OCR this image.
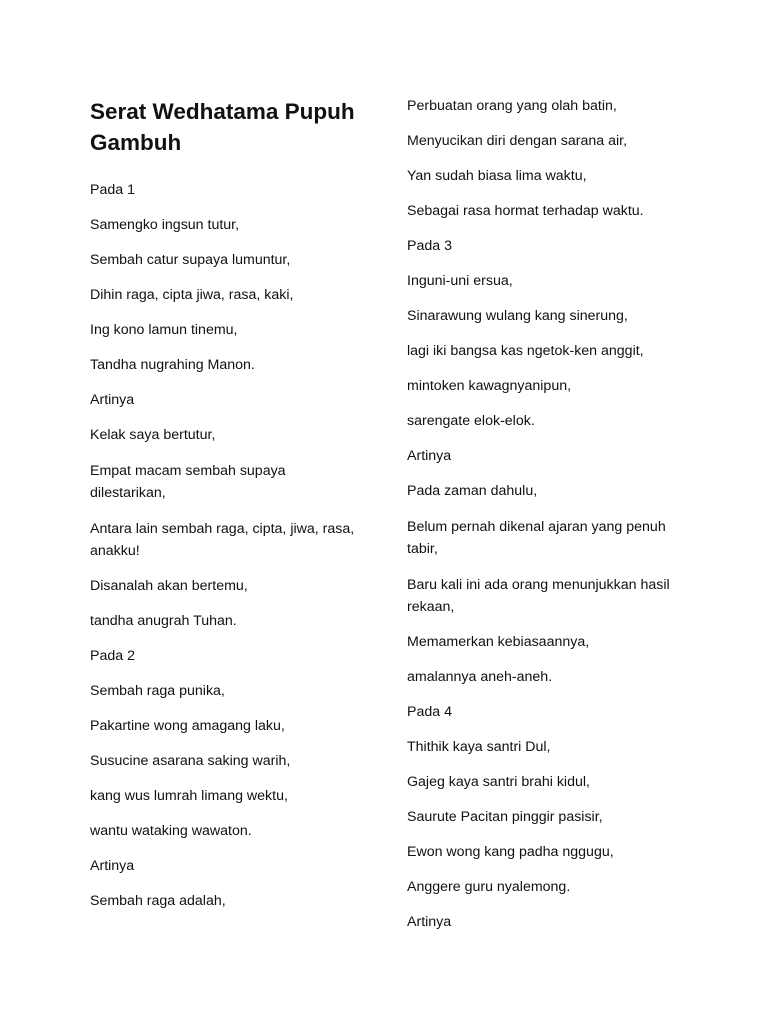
Serat Wedhatama Pupuh Gambuh

Pada 1

Samengko ingsun tutur,

Sembah catur supaya lumuntur,

Dihin raga, cipta jiwa, rasa, kaki,

Ing kono lamun tinemu,

Tandha nugrahing Manon.

Artinya

Kelak saya bertutur,

Empat macam sembah supaya dilestarikan,

Antara lain sembah raga, cipta, jiwa, rasa, anakku!

Disanalah akan bertemu,

tandha anugrah Tuhan.

Pada 2

Sembah raga punika,

Pakartine wong amagang laku,

Susucine asarana saking warih,

kang wus lumrah limang wektu,

wantu wataking wawaton.

Artinya

Sembah raga adalah,

Perbuatan orang yang olah batin,

Menyucikan diri dengan sarana air,

Yan sudah biasa lima waktu,

Sebagai rasa hormat terhadap waktu.

Pada 3

Inguni-uni ersua,

Sinarawung wulang kang sinerung,

lagi iki bangsa kas ngetok-ken anggit,

mintoken kawagnyanipun,

sarengate elok-elok.

Artinya

Pada zaman dahulu,

Belum pernah dikenal ajaran yang penuh tabir,

Baru kali ini ada orang menunjukkan hasil rekaan,

Memamerkan kebiasaannya,

amalannya aneh-aneh.

Pada 4

Thithik kaya santri Dul,

Gajeg kaya santri brahi kidul,

Saurute Pacitan pinggir pasisir,

Ewon wong kang padha nggugu,

Anggere guru nyalemong.

Artinya
